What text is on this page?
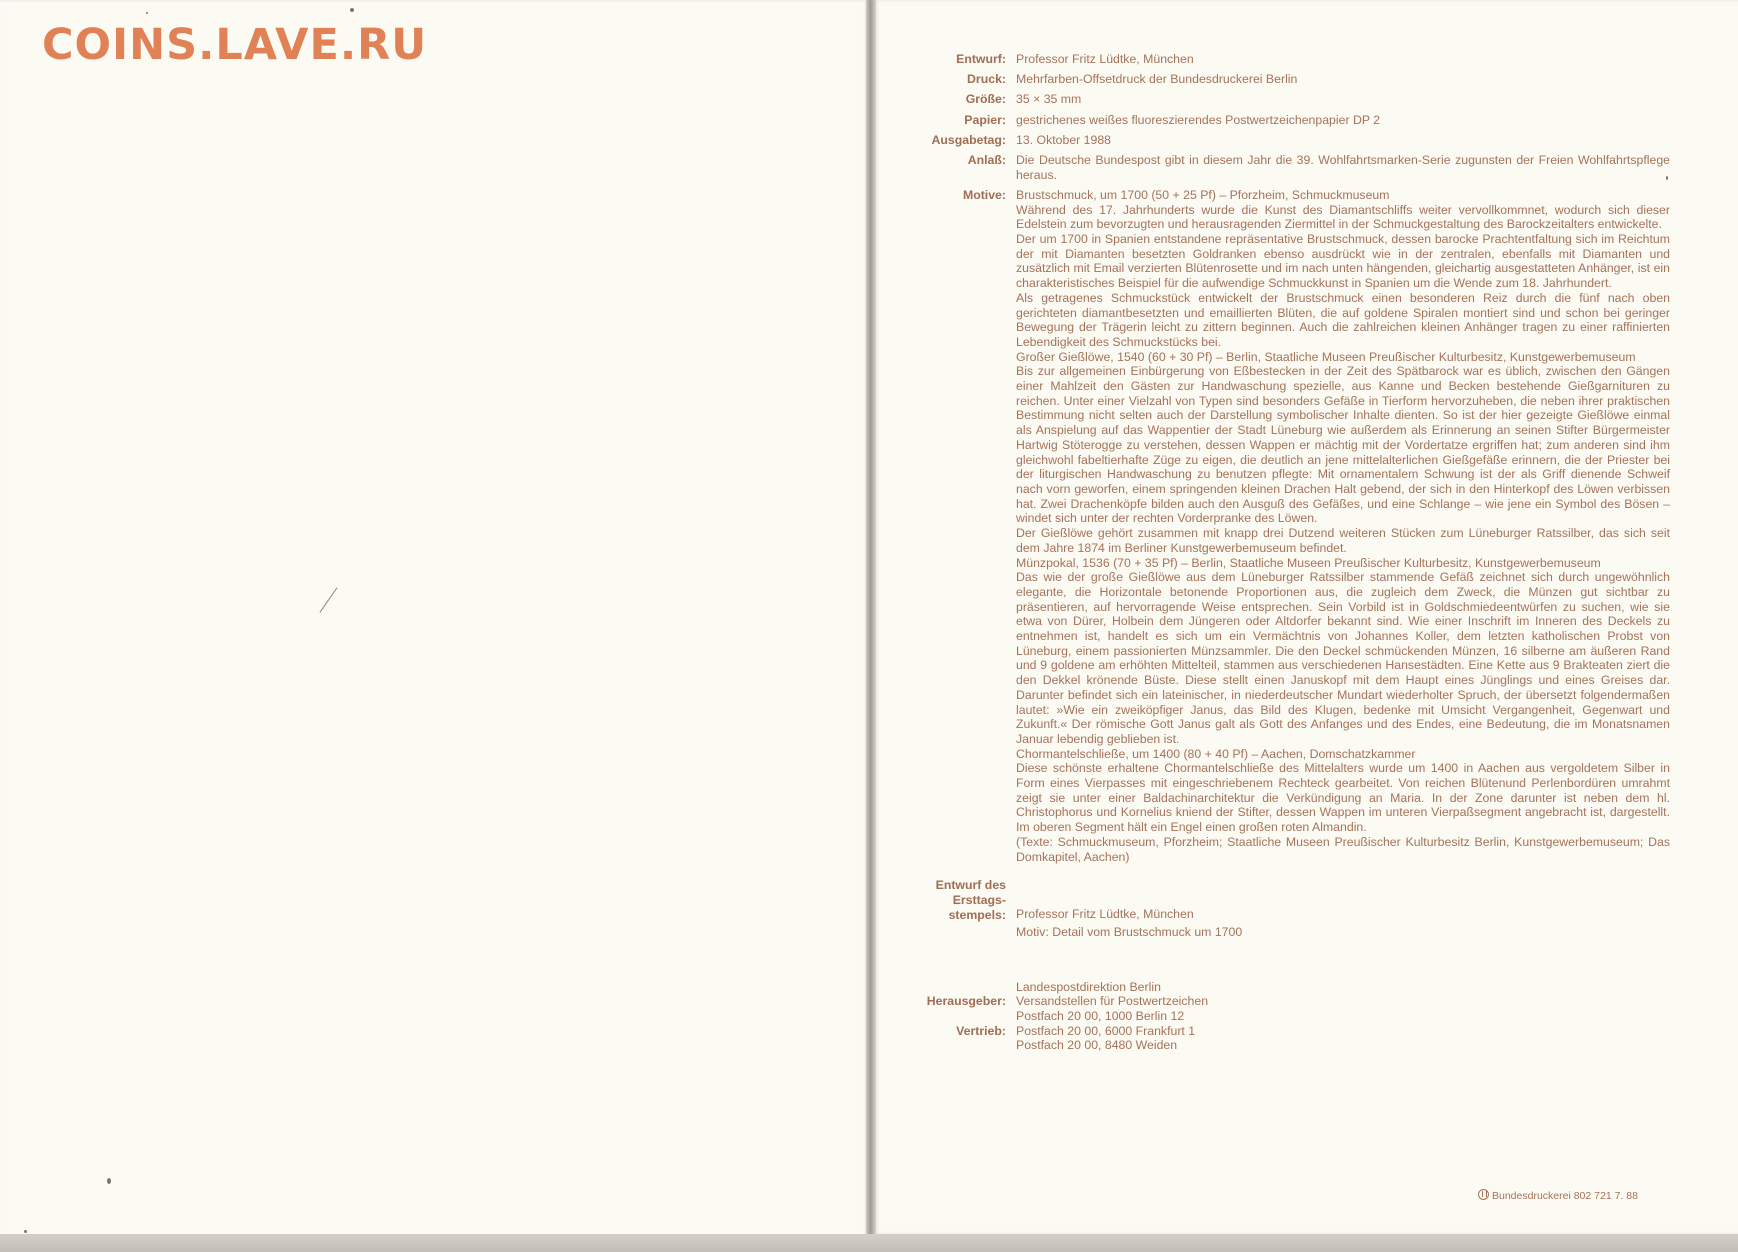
COINS.LAVE.RU	Entwurf: Professor Fritz Lüdtke, München
Druck: Mehrfarben-Offsetdruck der Bundesdruckerei Berlin
Größe: 35 × 35 mm
Papier: gestrichenes weißes fluoreszierendes Postwertzeichenpapier DP 2
Ausgabetag: 13. Oktober 1988
Anlaß: Die Deutsche Bundespost gibt in diesem Jahr die 39. Wohlfahrtsmarken-Serie zugunsten der Freien Wohlfahrtspflege heraus.
Motive: Brustschmuck, um 1700 (50 + 25 Pf) – Pforzheim, Schmuckmuseum

Während des 17. Jahrhunderts wurde die Kunst des Diamantschliffs weiter vervollkommnet, wodurch sich dieser Edelstein zum bevorzugten und herausragenden Ziermittel in der Schmuckgestaltung des Barockzeitalters entwickelte.

Der um 1700 in Spanien entstandene repräsentative Brustschmuck, dessen barocke Prachtentfaltung sich im Reichtum der mit Diamanten besetzten Goldranken ebenso ausdrückt wie in der zentralen, ebenfalls mit Diamanten und zusätzlich mit Email verzierten Blütenrosette und im nach unten hängenden, gleichartig ausgestatteten Anhänger, ist ein charakteristisches Beispiel für die aufwendige Schmuckkunst in Spanien um die Wende zum 18. Jahrhundert.

Als getragenes Schmuckstück entwickelt der Brustschmuck einen besonderen Reiz durch die fünf nach oben gerichteten diamantbesetzten und emaillierten Blüten, die auf goldene Spiralen montiert sind und schon bei geringer Bewegung der Trägerin leicht zu zittern beginnen. Auch die zahlreichen kleinen Anhänger tragen zu einer raffinierten Lebendigkeit des Schmuckstücks bei.

Großer Gießlöwe, 1540 (60 + 30 Pf) – Berlin, Staatliche Museen Preußischer Kulturbesitz, Kunstgewerbemuseum

Bis zur allgemeinen Einbürgerung von Eßbestecken in der Zeit des Spätbarock war es üblich, zwischen den Gängen einer Mahlzeit den Gästen zur Handwaschung spezielle, aus Kanne und Becken bestehende Gießgarnituren zu reichen. Unter einer Vielzahl von Typen sind besonders Gefäße in Tierform hervorzuheben, die neben ihrer praktischen Bestimmung nicht selten auch der Darstellung symbolischer Inhalte dienten. So ist der hier gezeigte Gießlöwe einmal als Anspielung auf das Wappentier der Stadt Lüneburg wie außerdem als Erinnerung an seinen Stifter Bürgermeister Hartwig Stöterogge zu verstehen, dessen Wappen er mächtig mit der Vordertatze ergriffen hat; zum anderen sind ihm gleichwohl fabeltierhafte Züge zu eigen, die deutlich an jene mittelalterlichen Gießgefäße erinnern, die der Priester bei der liturgischen Handwaschung zu benutzen pflegte: Mit ornamentalem Schwung ist der als Griff dienende Schweif nach vorn geworfen, einem springenden kleinen Drachen Halt gebend, der sich in den Hinterkopf des Löwen verbissen hat. Zwei Drachenköpfe bilden auch den Ausguß des Gefäßes, und eine Schlange – wie jene ein Symbol des Bösen – windet sich unter der rechten Vorderpranke des Löwen.

Der Gießlöwe gehört zusammen mit knapp drei Dutzend weiteren Stücken zum Lüneburger Ratssilber, das sich seit dem Jahre 1874 im Berliner Kunstgewerbemuseum befindet.

Münzpokal, 1536 (70 + 35 Pf) – Berlin, Staatliche Museen Preußischer Kulturbesitz, Kunstgewerbemuseum

Das wie der große Gießlöwe aus dem Lüneburger Ratssilber stammende Gefäß zeichnet sich durch ungewöhnlich elegante, die Horizontale betonende Proportionen aus, die zugleich dem Zweck, die Münzen gut sichtbar zu präsentieren, auf hervorragende Weise entsprechen. Sein Vorbild ist in Goldschmiedeentwürfen zu suchen, wie sie etwa von Dürer, Holbein dem Jüngeren oder Altdorfer bekannt sind. Wie einer Inschrift im Inneren des Deckels zu entnehmen ist, handelt es sich um ein Vermächtnis von Johannes Koller, dem letzten katholischen Probst von Lüneburg, einem passionierten Münzsammler. Die den Deckel schmückenden Münzen, 16 silberne am äußeren Rand und 9 goldene am erhöhten Mittelteil, stammen aus verschiedenen Hansestädten. Eine Kette aus 9 Brakteaten ziert die den Dekkel krönende Büste. Diese stellt einen Januskopf mit dem Haupt eines Jünglings und eines Greises dar. Darunter befindet sich ein lateinischer, in niederdeutscher Mundart wiederholter Spruch, der übersetzt folgendermaßen lautet: »Wie ein zweiköpfiger Janus, das Bild des Klugen, bedenke mit Umsicht Vergangenheit, Gegenwart und Zukunft.« Der römische Gott Janus galt als Gott des Anfanges und des Endes, eine Bedeutung, die im Monatsnamen Januar lebendig geblieben ist.

Chormantelschließe, um 1400 (80 + 40 Pf) – Aachen, Domschatzkammer

Diese schönste erhaltene Chormantelschließe des Mittelalters wurde um 1400 in Aachen aus vergoldetem Silber in Form eines Vierpasses mit eingeschriebenem Rechteck gearbeitet. Von reichen Blütenund Perlenbordüren umrahmt zeigt sie unter einer Baldachinarchitektur die Verkündigung an Maria. In der Zone darunter ist neben dem hl. Christophorus und Kornelius kniend der Stifter, dessen Wappen im unteren Vierpaßsegment angebracht ist, dargestellt. Im oberen Segment hält ein Engel einen großen roten Almandin.

(Texte: Schmuckmuseum, Pforzheim; Staatliche Museen Preußischer Kulturbesitz Berlin, Kunstgewerbemuseum; Das Domkapitel, Aachen)

Entwurf des
Ersttags-
stempels: Professor Fritz Lüdtke, München

Motiv: Detail vom Brustschmuck um 1700

Herausgeber:

Vertrieb:

Landespostdirektion Berlin
Versandstellen für Postwertzeichen
Postfach 20 00, 1000 Berlin 12
Postfach 20 00, 6000 Frankfurt 1
Postfach 20 00, 8480 Weiden
Bundesdruckerei 802 721 7. 88
